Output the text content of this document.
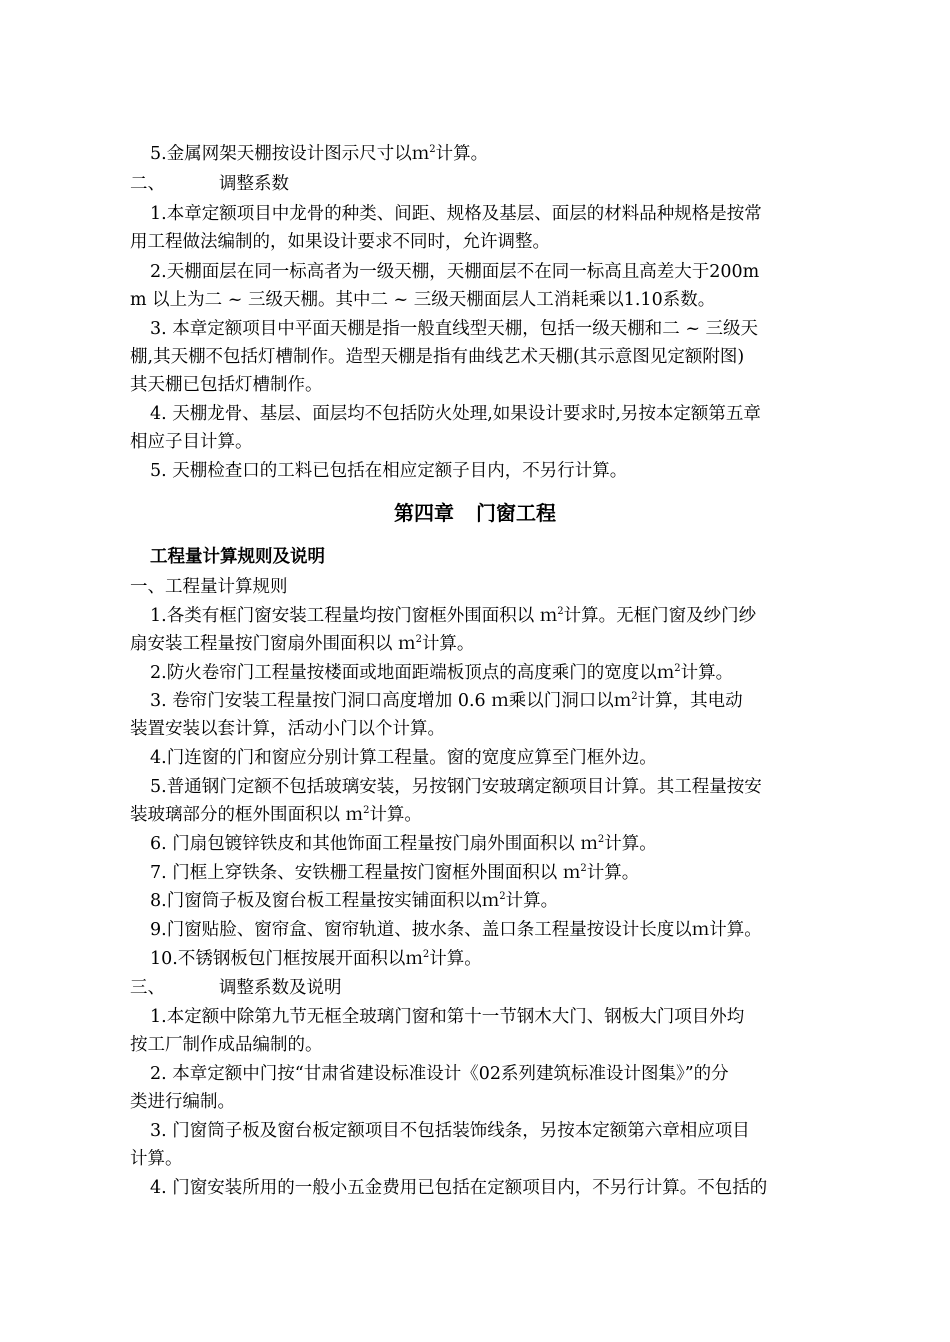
5.金属网架天棚按设计图示尺寸以ｍ$^2$计算。
二、	调整系数
1.本章定额项目中龙骨的种类、间距、规格及基层、面层的材料品种规格是按常
用工程做法编制的，如果设计要求不同时，允许调整。
2.天棚面层在同一标高者为一级天棚，天棚面层不在同一标高且高差大于200m
m 以上为二 ~ 三级天棚。其中二 ~ 三级天棚面层人工消耗乘以1.10系数。
3. 本章定额项目中平面天棚是指一般直线型天棚，包括一级天棚和二 ~ 三级天
棚,其天棚不包括灯槽制作。造型天棚是指有曲线艺术天棚(其示意图见定额附图)
其天棚已包括灯槽制作。
4. 天棚龙骨、基层、面层均不包括防火处理,如果设计要求时,另按本定额第五章
相应子目计算。
5. 天棚检查口的工料已包括在相应定额子目内，不另行计算。
第四章 门窗工程
工程量计算规则及说明
一、工程量计算规则
1.各类有框门窗安装工程量均按门窗框外围面积以 ｍ$^2$计算。无框门窗及纱门纱
扇安装工程量按门窗扇外围面积以 ｍ$^2$计算。
2.防火卷帘门工程量按楼面或地面距端板顶点的高度乘门的宽度以ｍ$^2$计算。
3. 卷帘门安装工程量按门洞口高度增加 0.6 ｍ乘以门洞口以ｍ$^2$计算，其电动
装置安装以套计算，活动小门以个计算。
4.门连窗的门和窗应分别计算工程量。窗的宽度应算至门框外边。
5.普通钢门定额不包括玻璃安装，另按钢门安玻璃定额项目计算。其工程量按安
装玻璃部分的框外围面积以 ｍ$^2$计算。
6. 门扇包镀锌铁皮和其他饰面工程量按门扇外围面积以 ｍ$^2$计算。
7. 门框上穿铁条、安铁栅工程量按门窗框外围面积以 ｍ$^2$计算。
8.门窗筒子板及窗台板工程量按实铺面积以ｍ$^2$计算。
9.门窗贴脸、窗帘盒、窗帘轨道、披水条、盖口条工程量按设计长度以ｍ计算。
10.不锈钢板包门框按展开面积以ｍ$^2$计算。
三、	调整系数及说明
1.本定额中除第九节无框全玻璃门窗和第十一节钢木大门、钢板大门项目外均
按工厂制作成品编制的。
2. 本章定额中门按“甘肃省建设标准设计《02系列建筑标准设计图集》”的分
类进行编制。
3. 门窗筒子板及窗台板定额项目不包括装饰线条，另按本定额第六章相应项目
计算。
4. 门窗安装所用的一般小五金费用已包括在定额项目内，不另行计算。不包括的
